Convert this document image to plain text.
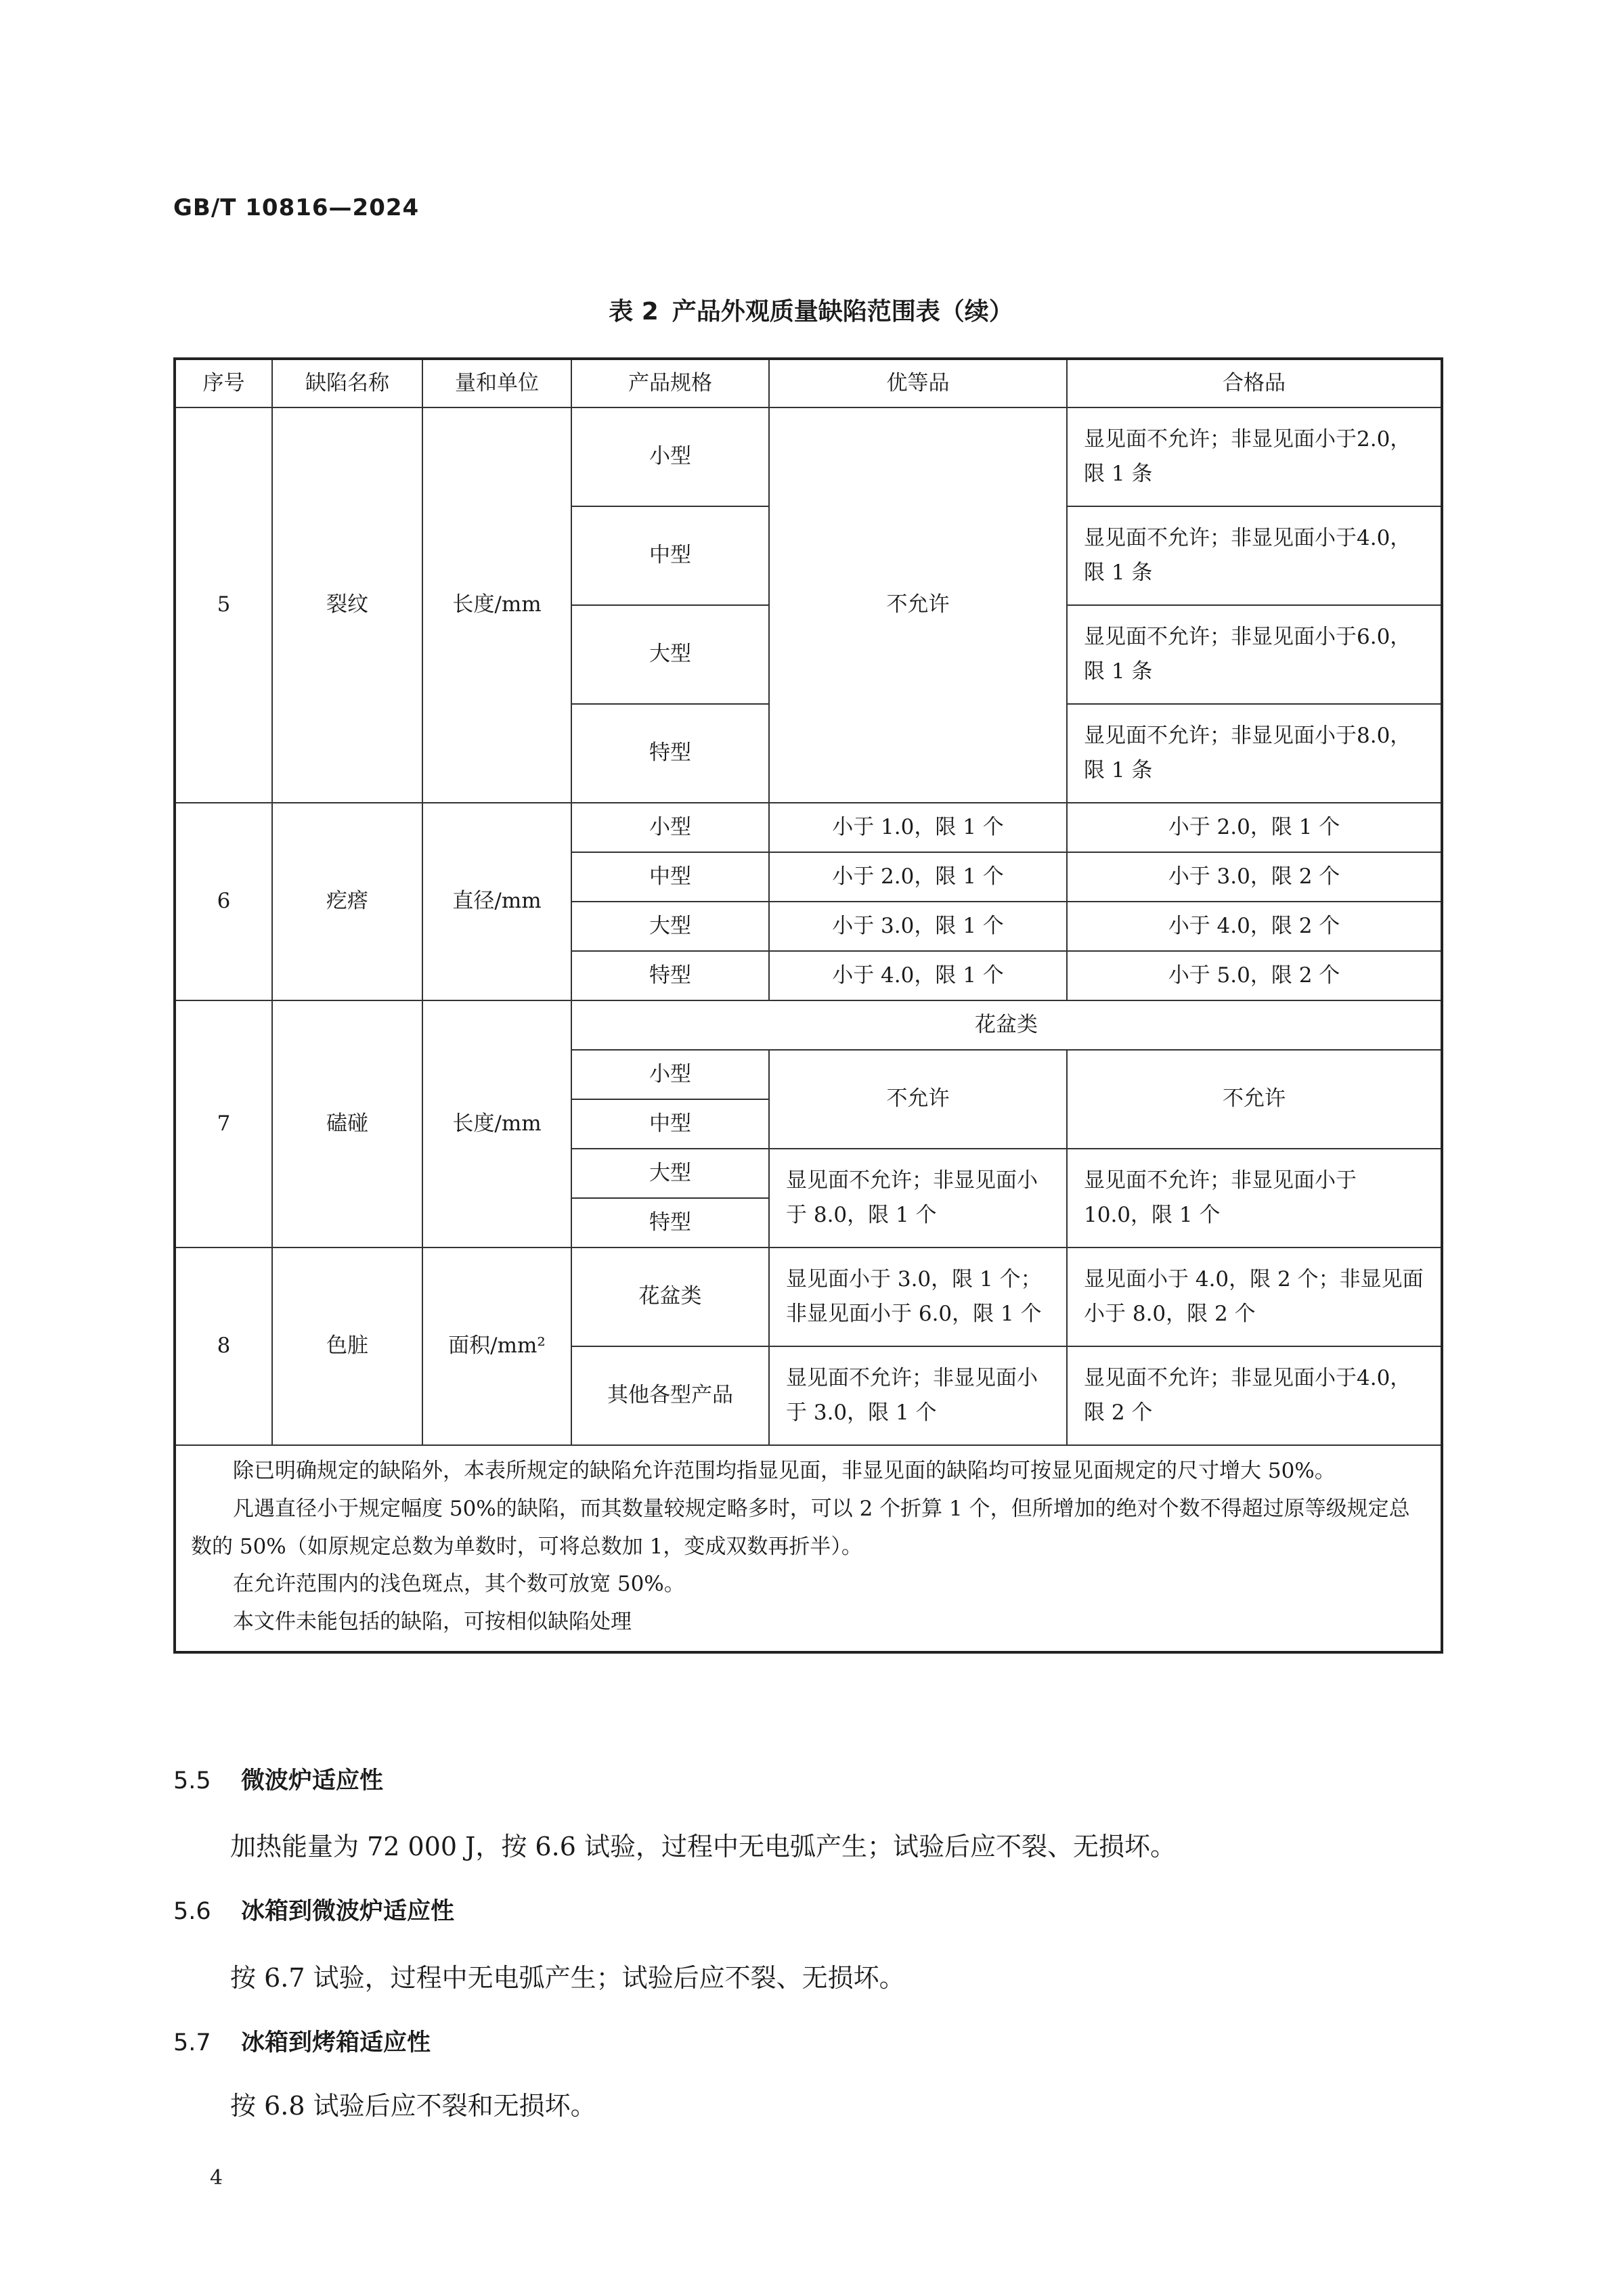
GB/T 10816—2024
表 2 产品外观质量缺陷范围表（续）
序号	缺陷名称	量和单位	产品规格	优等品	合格品
5	裂纹	长度/mm	小型	不允许	显见面不允许；非显见面小于2.0，限 1 条
			中型		显见面不允许；非显见面小于4.0，限 1 条
			大型		显见面不允许；非显见面小于6.0，限 1 条
			特型		显见面不允许；非显见面小于8.0，限 1 条
6	疙瘩	直径/mm	小型	小于 1.0，限 1 个	小于 2.0，限 1 个
			中型	小于 2.0，限 1 个	小于 3.0，限 2 个
			大型	小于 3.0，限 1 个	小于 4.0，限 2 个
			特型	小于 4.0，限 1 个	小于 5.0，限 2 个
7	磕碰	长度/mm	花盆类		
			小型	不允许	不允许
			中型		
			大型	显见面不允许；非显见面小于 8.0，限 1 个	显见面不允许；非显见面小于10.0，限 1 个
			特型		
8	色脏	面积/mm²	花盆类	显见面小于 3.0，限 1 个；非显见面小于 6.0，限 1 个	显见面小于 4.0，限 2 个；非显见面小于 8.0，限 2 个
			其他各型产品	显见面不允许；非显见面小于 3.0，限 1 个	显见面不允许；非显见面小于4.0，限 2 个

除已明确规定的缺陷外，本表所规定的缺陷允许范围均指显见面，非显见面的缺陷均可按显见面规定的尺寸增大 50%。
凡遇直径小于规定幅度 50%的缺陷，而其数量较规定略多时，可以 2 个折算 1 个，但所增加的绝对个数不得超过原等级规定总数的 50%（如原规定总数为单数时，可将总数加 1，变成双数再折半）。
在允许范围内的浅色斑点，其个数可放宽 50%。
本文件未能包括的缺陷，可按相似缺陷处理					
5.5 微波炉适应性
加热能量为 72 000 J，按 6.6 试验，过程中无电弧产生；试验后应不裂、无损坏。
5.6 冰箱到微波炉适应性
按 6.7 试验，过程中无电弧产生；试验后应不裂、无损坏。
5.7 冰箱到烤箱适应性
按 6.8 试验后应不裂和无损坏。
4
